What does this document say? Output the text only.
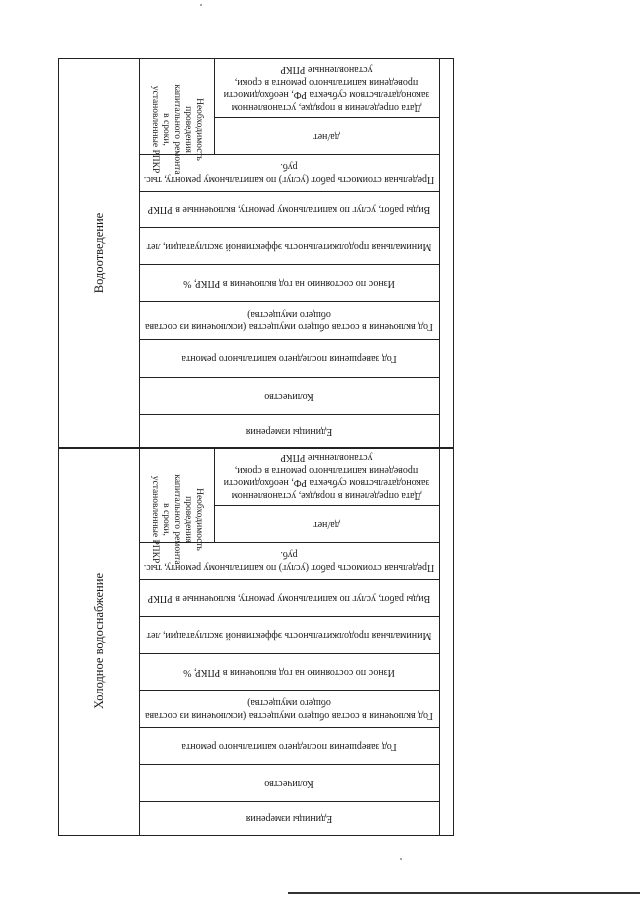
Водоотведение
Холодное водоснабжение
Необходимость проведения капитального ремонта в сроки, установленные РПКР	Дата определения в порядке, установленном законодательством субъекта РФ, необходимости проведения капитального ремонта в сроки, установленные РПКР
да/нет
Предельная стоимость работ (услуг) по капитальному ремонту, тыс. руб.
Виды работ, услуг по капитальному ремонту, включенные в РПКР
Минимальная продолжительность эффективной эксплуатации, лет
Износ по состоянию на год включения в РПКР, %
Год включения в состав общего имущества (исключения из состава общего имущества)
Год завершения последнего капитального ремонта
Количество
Единицы измерения
Необходимость проведения капитального ремонта в сроки, установленные РПКР	Дата определения в порядке, установленном законодательством субъекта РФ, необходимости проведения капитального ремонта в сроки, установленные РПКР
да/нет
Предельная стоимость работ (услуг) по капитальному ремонту, тыс. руб.
Виды работ, услуг по капитальному ремонту, включенные в РПКР
Минимальная продолжительность эффективной эксплуатации, лет
Износ по состоянию на год включения в РПКР, %
Год включения в состав общего имущества (исключения из состава общего имущества)
Год завершения последнего капитального ремонта
Количество
Единицы измерения
